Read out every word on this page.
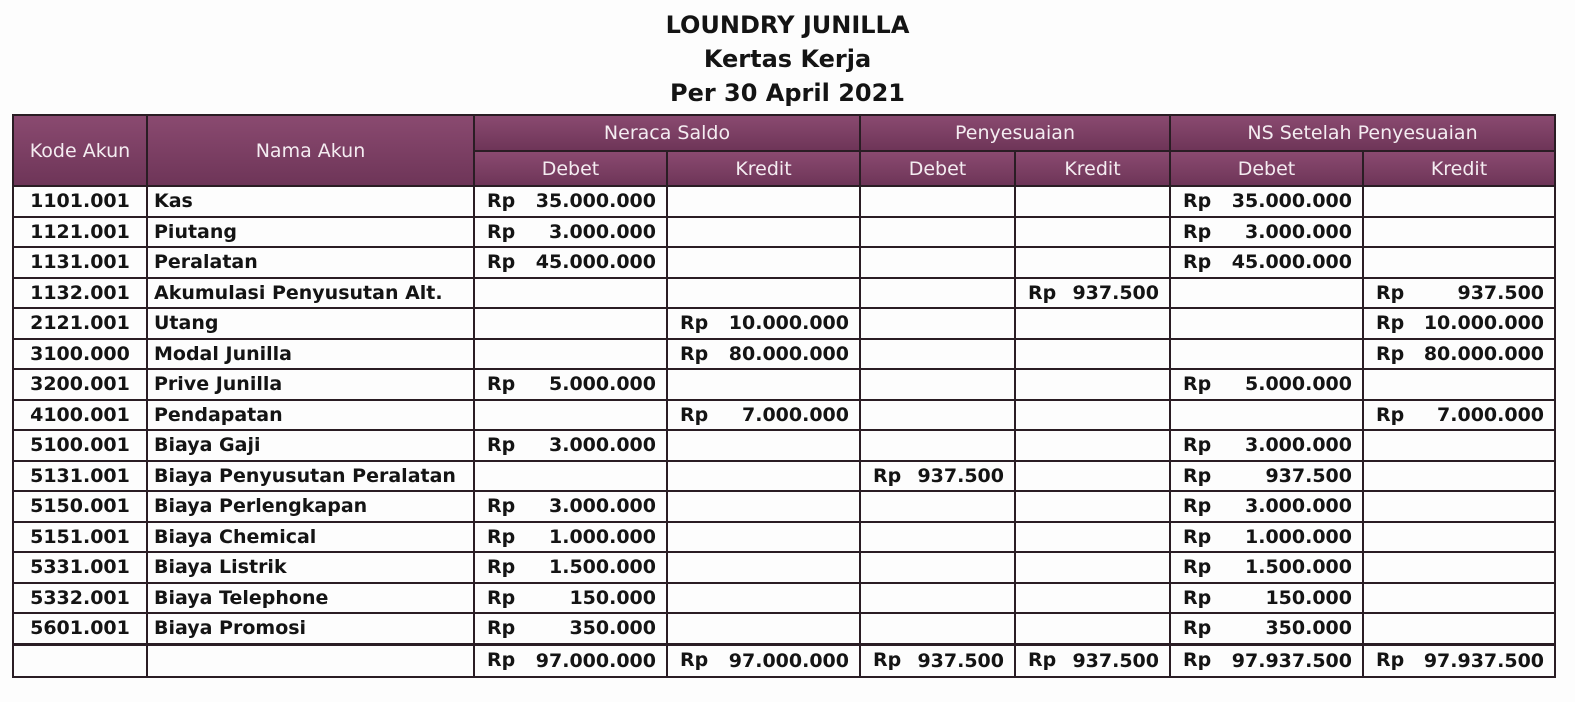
LOUNDRY JUNILLA
Kertas Kerja
Per 30 April 2021
Kode Akun	Nama Akun	Neraca Saldo		Penyesuaian		NS Setelah Penyesuaian	
		Debet	Kredit	Debet	Kredit	Debet	Kredit
1101.001	Kas	Rp 35.000.000				Rp 35.000.000	

1121.001	Piutang	Rp 3.000.000				Rp 3.000.000	

1131.001	Peralatan	Rp 45.000.000				Rp 45.000.000	

1132.001	Akumulasi Penyusutan Alt.				Rp 937.500		Rp 937.500

2121.001	Utang		Rp 10.000.000				Rp 10.000.000

3100.000	Modal Junilla		Rp 80.000.000				Rp 80.000.000

3200.001	Prive Junilla	Rp 5.000.000				Rp 5.000.000	

4100.001	Pendapatan		Rp 7.000.000				Rp 7.000.000

5100.001	Biaya Gaji	Rp 3.000.000				Rp 3.000.000	

5131.001	Biaya Penyusutan Peralatan			Rp 937.500		Rp 937.500	

5150.001	Biaya Perlengkapan	Rp 3.000.000				Rp 3.000.000	

5151.001	Biaya Chemical	Rp 1.000.000				Rp 1.000.000	

5331.001	Biaya Listrik	Rp 1.500.000				Rp 1.500.000	

5332.001	Biaya Telephone	Rp 150.000				Rp 150.000	

5601.001	Biaya Promosi	Rp 350.000				Rp 350.000	

		Rp 97.000.000	Rp 97.000.000	Rp 937.500	Rp 937.500	Rp 97.937.500	Rp 97.937.500
